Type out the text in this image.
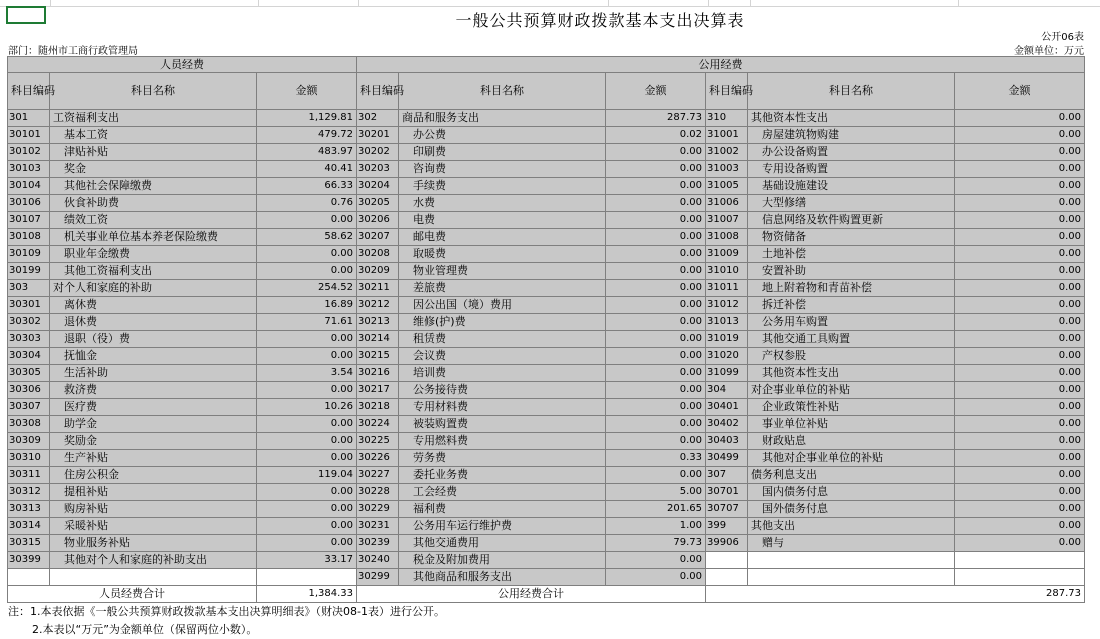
一般公共预算财政拨款基本支出决算表
公开06表
部门：随州市工商行政管理局	金额单位：万元
人员经费			公用经费					
科目编码	科目名称	金额	科目编码	科目名称	金额	科目编码	科目名称	金额
301	工资福利支出	1,129.81	302	商品和服务支出	287.73	310	其他资本性支出	0.00
30101	基本工资	479.72	30201	办公费	0.02	31001	房屋建筑物购建	0.00
30102	津贴补贴	483.97	30202	印刷费	0.00	31002	办公设备购置	0.00
30103	奖金	40.41	30203	咨询费	0.00	31003	专用设备购置	0.00
30104	其他社会保障缴费	66.33	30204	手续费	0.00	31005	基础设施建设	0.00
30106	伙食补助费	0.76	30205	水费	0.00	31006	大型修缮	0.00
30107	绩效工资	0.00	30206	电费	0.00	31007	信息网络及软件购置更新	0.00
30108	机关事业单位基本养老保险缴费	58.62	30207	邮电费	0.00	31008	物资储备	0.00
30109	职业年金缴费	0.00	30208	取暖费	0.00	31009	土地补偿	0.00
30199	其他工资福利支出	0.00	30209	物业管理费	0.00	31010	安置补助	0.00
303	对个人和家庭的补助	254.52	30211	差旅费	0.00	31011	地上附着物和青苗补偿	0.00
30301	离休费	16.89	30212	因公出国（境）费用	0.00	31012	拆迁补偿	0.00
30302	退休费	71.61	30213	维修(护)费	0.00	31013	公务用车购置	0.00
30303	退职（役）费	0.00	30214	租赁费	0.00	31019	其他交通工具购置	0.00
30304	抚恤金	0.00	30215	会议费	0.00	31020	产权参股	0.00
30305	生活补助	3.54	30216	培训费	0.00	31099	其他资本性支出	0.00
30306	救济费	0.00	30217	公务接待费	0.00	304	对企事业单位的补贴	0.00
30307	医疗费	10.26	30218	专用材料费	0.00	30401	企业政策性补贴	0.00
30308	助学金	0.00	30224	被装购置费	0.00	30402	事业单位补贴	0.00
30309	奖励金	0.00	30225	专用燃料费	0.00	30403	财政贴息	0.00
30310	生产补贴	0.00	30226	劳务费	0.33	30499	其他对企事业单位的补贴	0.00
30311	住房公积金	119.04	30227	委托业务费	0.00	307	债务利息支出	0.00
30312	提租补贴	0.00	30228	工会经费	5.00	30701	国内债务付息	0.00
30313	购房补贴	0.00	30229	福利费	201.65	30707	国外债务付息	0.00
30314	采暖补贴	0.00	30231	公务用车运行维护费	1.00	399	其他支出	0.00
30315	物业服务补贴	0.00	30239	其他交通费用	79.73	39906	赠与	0.00
30399	其他对个人和家庭的补助支出	33.17	30240	税金及附加费用	0.00			
			30299	其他商品和服务支出	0.00			
人员经费合计		1,384.33	公用经费合计			287.73		
注：1.本表依据《一般公共预算财政拨款基本支出决算明细表》（财决08-1表）进行公开。
2.本表以“万元”为金额单位（保留两位小数）。
